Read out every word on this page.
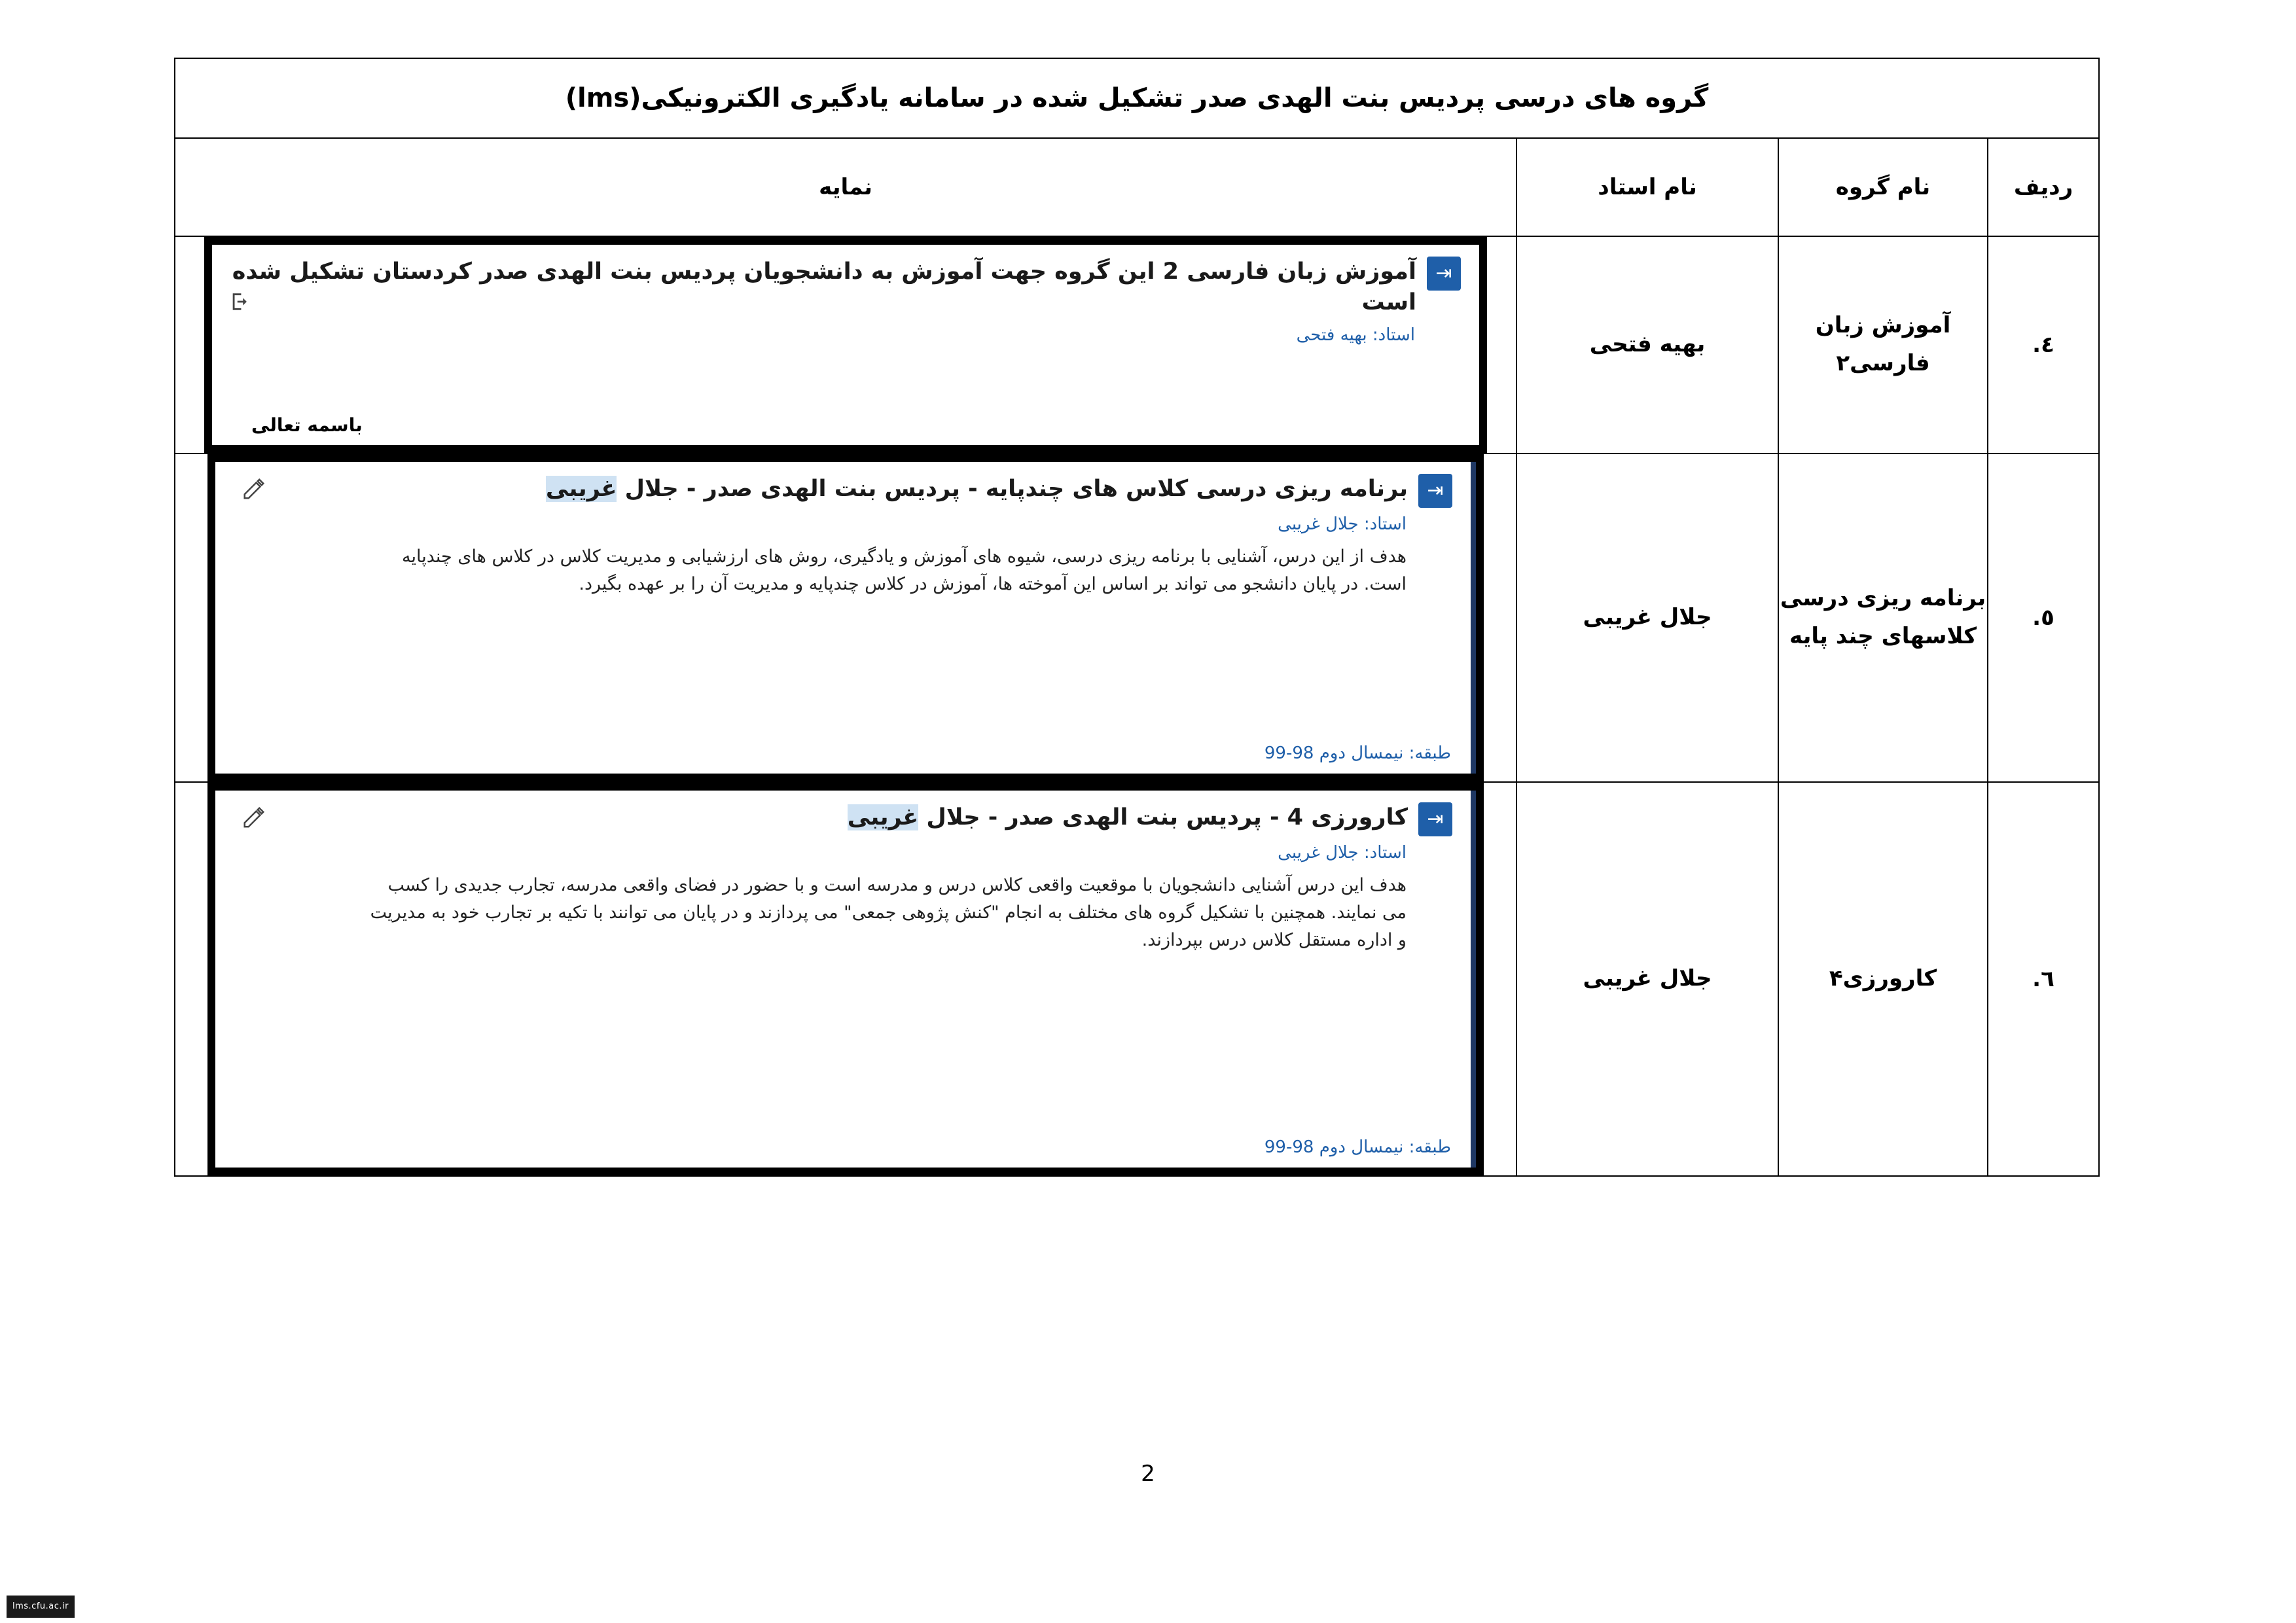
گروه های درسی پردیس بنت الهدی صدر تشکیل شده در سامانه یادگیری الکترونیکی(lms)			
ردیف	نام گروه	نام استاد	نمایه
٤.	آموزش زبان فارسی۲	بهیه فتحی	⇥
آموزش زبان فارسی 2 این گروه جهت آموزش به دانشجویان پردیس بنت الهدی صدر کردستان تشکیل شده است
استاد: بهیه فتحی
باسمه تعالی

٥.	برنامه ریزی درسی کلاسهای چند پایه	جلال غریبی	⇥
برنامه ریزی درسی کلاس های چندپایه - پردیس بنت الهدی صدر - جلال غریبی
استاد: جلال غریبی
هدف از این درس، آشنایی با برنامه ریزی درسی، شیوه های آموزش و یادگیری، روش های ارزشیابی و مدیریت کلاس در کلاس های چندپایه است. در پایان دانشجو می تواند بر اساس این آموخته ها، آموزش در کلاس چندپایه و مدیریت آن را بر عهده بگیرد.
طبقه: نیمسال دوم 98-99

٦.	کارورزی۴	جلال غریبی	⇥
کارورزی 4 - پردیس بنت الهدی صدر - جلال غریبی
استاد: جلال غریبی
هدف این درس آشنایی دانشجویان با موقعیت واقعی کلاس درس و مدرسه است و با حضور در فضای واقعی مدرسه، تجارب جدیدی را کسب می نمایند. همچنین با تشکیل گروه های مختلف به انجام "کنش پژوهی جمعی" می پردازند و در پایان می توانند با تکیه بر تجارب خود به مدیریت و اداره مستقل کلاس درس بپردازند.
طبقه: نیمسال دوم 98-99
2
lms.cfu.ac.ir
